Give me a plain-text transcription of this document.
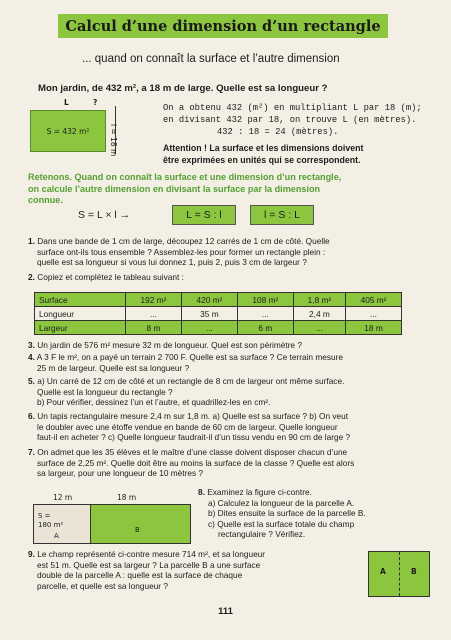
Calcul d’une dimension d’un rectangle
... quand on connaît la surface et l’autre dimension
Mon jardin, de 432 m², a 18 m de large. Quelle est sa longueur ?
L	?
S = 432 m²	l = 18 m
On a obtenu 432 (m²) en multipliant L par 18 (m);
en divisant 432 par 18, on trouve L (en mètres).
432 : 18 = 24 (mètres).
Attention ! La surface et les dimensions doivent
être exprimées en unités qui se correspondent.
Retenons. Quand on connaît la surface et une dimension d’un rectangle,
on calcule l’autre dimension en divisant la surface par la dimension
connue.
S = L × l →	L = S : l	l = S : L
1. Dans une bande de 1 cm de large, découpez 12 carrés de 1 cm de côté. Quelle
surface ont-ils tous ensemble ? Assemblez-les pour former un rectangle plein :
quelle est sa longueur si vous lui donnez 1, puis 2, puis 3 cm de largeur ?
2. Copiez et complétez le tableau suivant :
Surface	192 m²	420 m²	108 m²	1,8 m²	405 m²
Longueur	...	35 m	...	2,4 m	...
Largeur	8 m	...	6 m	...	18 m
3. Un jardin de 576 m² mesure 32 m de longueur. Quel est son périmètre ?
4. A 3 F le m², on a payé un terrain 2 700 F. Quelle est sa surface ? Ce terrain mesure
25 m de largeur. Quelle est sa longueur ?
5. a) Un carré de 12 cm de côté et un rectangle de 8 cm de largeur ont même surface.
Quelle est la longueur du rectangle ?
b) Pour vérifier, dessinez l’un et l’autre, et quadrillez-les en cm².
6. Un tapis rectangulaire mesure 2,4 m sur 1,8 m. a) Quelle est sa surface ? b) On veut
le doubler avec une étoffe vendue en bande de 60 cm de largeur. Quelle longueur
faut-il en acheter ? c) Quelle longueur faudrait-il d’un tissu vendu en 90 cm de large ?
7. On admet que les 35 élèves et le maître d’une classe doivent disposer chacun d’une
surface de 2,25 m². Quelle doit être au moins la surface de la classe ? Quelle est alors
sa largeur, pour une longueur de 10 mètres ?
12 m	18 m
S =
180 m²
A
B
8. Examinez la figure ci-contre.
a) Calculez la longueur de la parcelle A.
b) Dites ensuite la surface de la parcelle B.
c) Quelle est la surface totale du champ
rectangulaire ? Vérifiez.
9. Le champ représenté ci-contre mesure 714 m², et sa longueur
est 51 m. Quelle est sa largeur ? La parcelle B a une surface
double de la parcelle A : quelle est la surface de chaque
parcelle, et quelle est sa longueur ?
A	B
111
